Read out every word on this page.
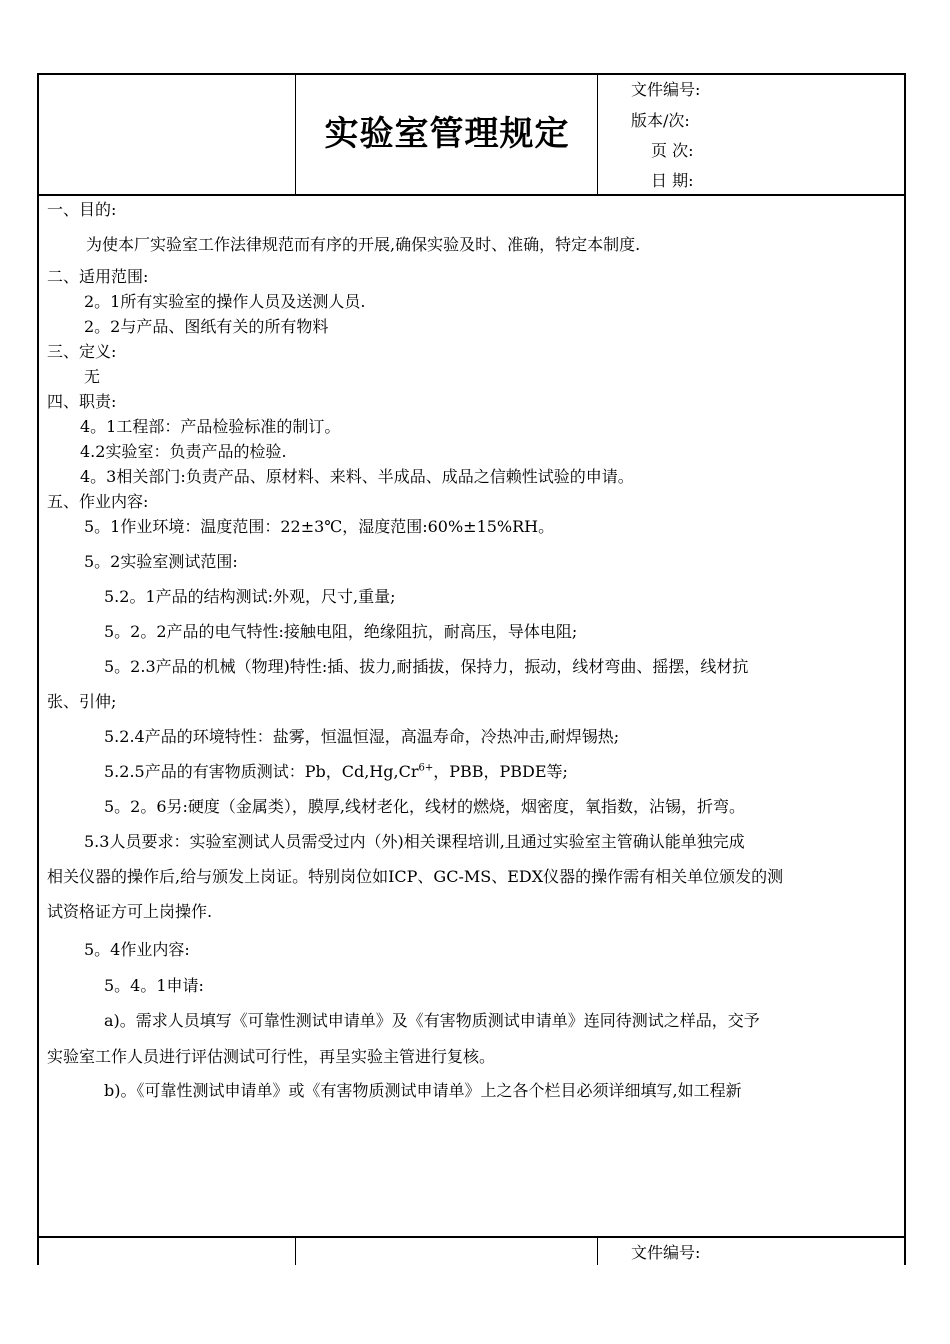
实验室管理规定
文件编号:
版本/次:
页 次:
日 期:
一、目的:
为使本厂实验室工作法律规范而有序的开展,确保实验及时、准确，特定本制度.
二、适用范围:
2。1所有实验室的操作人员及送测人员.
2。2与产品、图纸有关的所有物料
三、定义:
无
四、职责:
4。1工程部：产品检验标准的制订。
4.2实验室：负责产品的检验.
4。3相关部门:负责产品、原材料、来料、半成品、成品之信赖性试验的申请。
五、作业内容:
5。1作业环境：温度范围：22±3℃，湿度范围:60%±15%RH。
5。2实验室测试范围:
5.2。1产品的结构测试:外观，尺寸,重量;
5。2。2产品的电气特性:接触电阻，绝缘阻抗，耐高压，导体电阻;
5。2.3产品的机械（物理)特性:插、拔力,耐插拔，保持力，振动，线材弯曲、摇摆，线材抗
张、引伸;
5.2.4产品的环境特性：盐雾，恒温恒湿，高温寿命，冷热冲击,耐焊锡热;
5.2.5产品的有害物质测试：Pb，$Cd,Hg,Cr^{6+}$，PBB，PBDE等;
5。2。6另:硬度（金属类），膜厚,线材老化，线材的燃烧，烟密度，氧指数，沾锡，折弯。
5.3人员要求：实验室测试人员需受过内（外)相关课程培训,且通过实验室主管确认能单独完成
相关仪器的操作后,给与颁发上岗证。特别岗位如ICP、GC-MS、EDX仪器的操作需有相关单位颁发的测
试资格证方可上岗操作.
5。4作业内容:
5。4。1申请:
a)。需求人员填写《可靠性测试申请单》及《有害物质测试申请单》连同待测试之样品，交予
实验室工作人员进行评估测试可行性，再呈实验主管进行复核。
b)。《可靠性测试申请单》或《有害物质测试申请单》上之各个栏目必须详细填写,如工程新
文件编号:
